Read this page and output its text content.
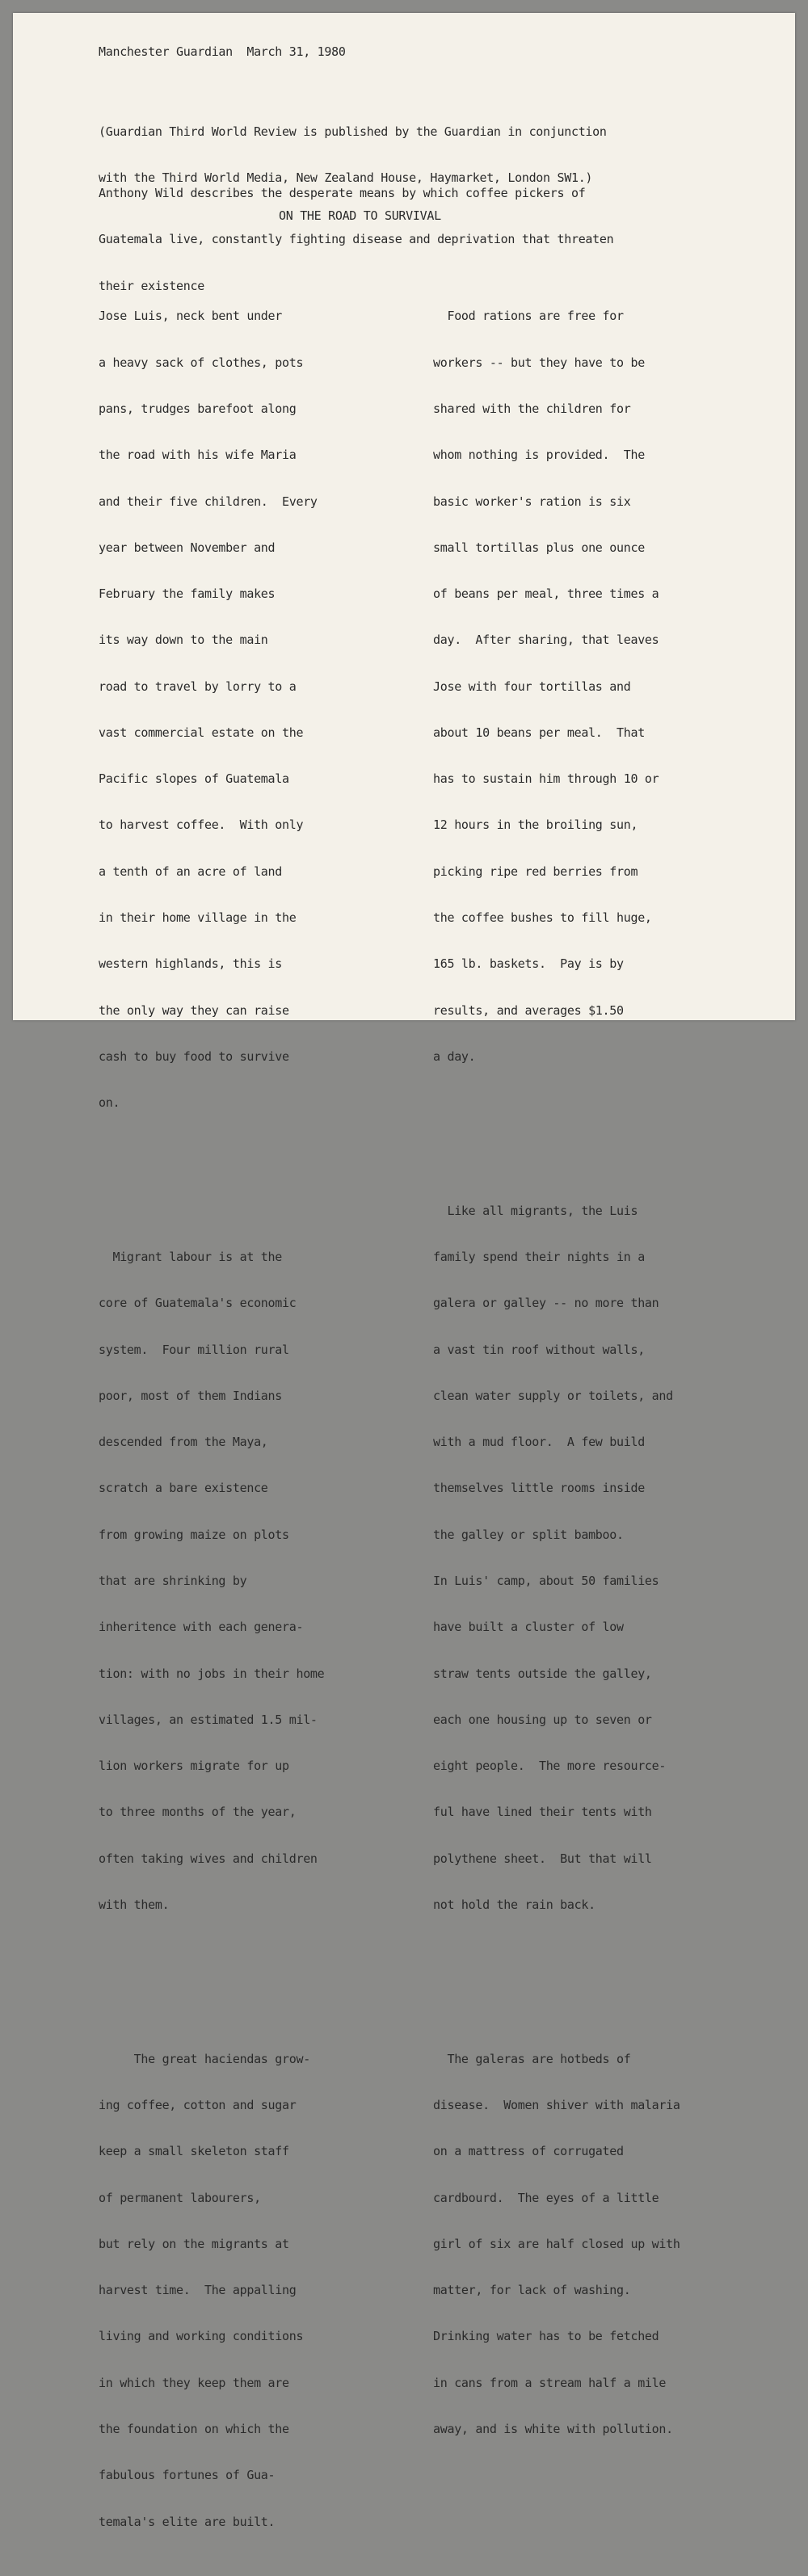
Manchester Guardian  March 31, 1980

(Guardian Third World Review is published by the Guardian in conjunction

with the Third World Media, New Zealand House, Haymarket, London SW1.)

Anthony Wild describes the desperate means by which coffee pickers of

Guatemala live, constantly fighting disease and deprivation that threaten

their existence

ON THE ROAD TO SURVIVAL

Jose Luis, neck bent under

a heavy sack of clothes, pots

pans, trudges barefoot along

the road with his wife Maria

and their five children.  Every

year between November and

February the family makes

its way down to the main

road to travel by lorry to a

vast commercial estate on the

Pacific slopes of Guatemala

to harvest coffee.  With only

a tenth of an acre of land

in their home village in the

western highlands, this is

the only way they can raise

cash to buy food to survive

on.

Migrant labour is at the

core of Guatemala's economic

system.  Four million rural

poor, most of them Indians

descended from the Maya,

scratch a bare existence

from growing maize on plots

that are shrinking by

inheritence with each genera-

tion: with no jobs in their home

villages, an estimated 1.5 mil-

lion workers migrate for up

to three months of the year,

often taking wives and children

with them.

The great haciendas grow-

ing coffee, cotton and sugar

keep a small skeleton staff

of permanent labourers,

but rely on the migrants at

harvest time.  The appalling

living and working conditions

in which they keep them are

the foundation on which the

fabulous fortunes of Gua-

temala's elite are built.

Food rations are free for

workers -- but they have to be

shared with the children for

whom nothing is provided.  The

basic worker's ration is six

small tortillas plus one ounce

of beans per meal, three times a

day.  After sharing, that leaves

Jose with four tortillas and

about 10 beans per meal.  That

has to sustain him through 10 or

12 hours in the broiling sun,

picking ripe red berries from

the coffee bushes to fill huge,

165 lb. baskets.  Pay is by

results, and averages $1.50

a day.

Like all migrants, the Luis

family spend their nights in a

galera or galley -- no more than

a vast tin roof without walls,

clean water supply or toilets, and

with a mud floor.  A few build

themselves little rooms inside

the galley or split bamboo.

In Luis' camp, about 50 families

have built a cluster of low

straw tents outside the galley,

each one housing up to seven or

eight people.  The more resource-

ful have lined their tents with

polythene sheet.  But that will

not hold the rain back.

The galeras are hotbeds of

disease.  Women shiver with malaria

on a mattress of corrugated

cardbourd.  The eyes of a little

girl of six are half closed up with

matter, for lack of washing.

Drinking water has to be fetched

in cans from a stream half a mile

away, and is white with pollution.
